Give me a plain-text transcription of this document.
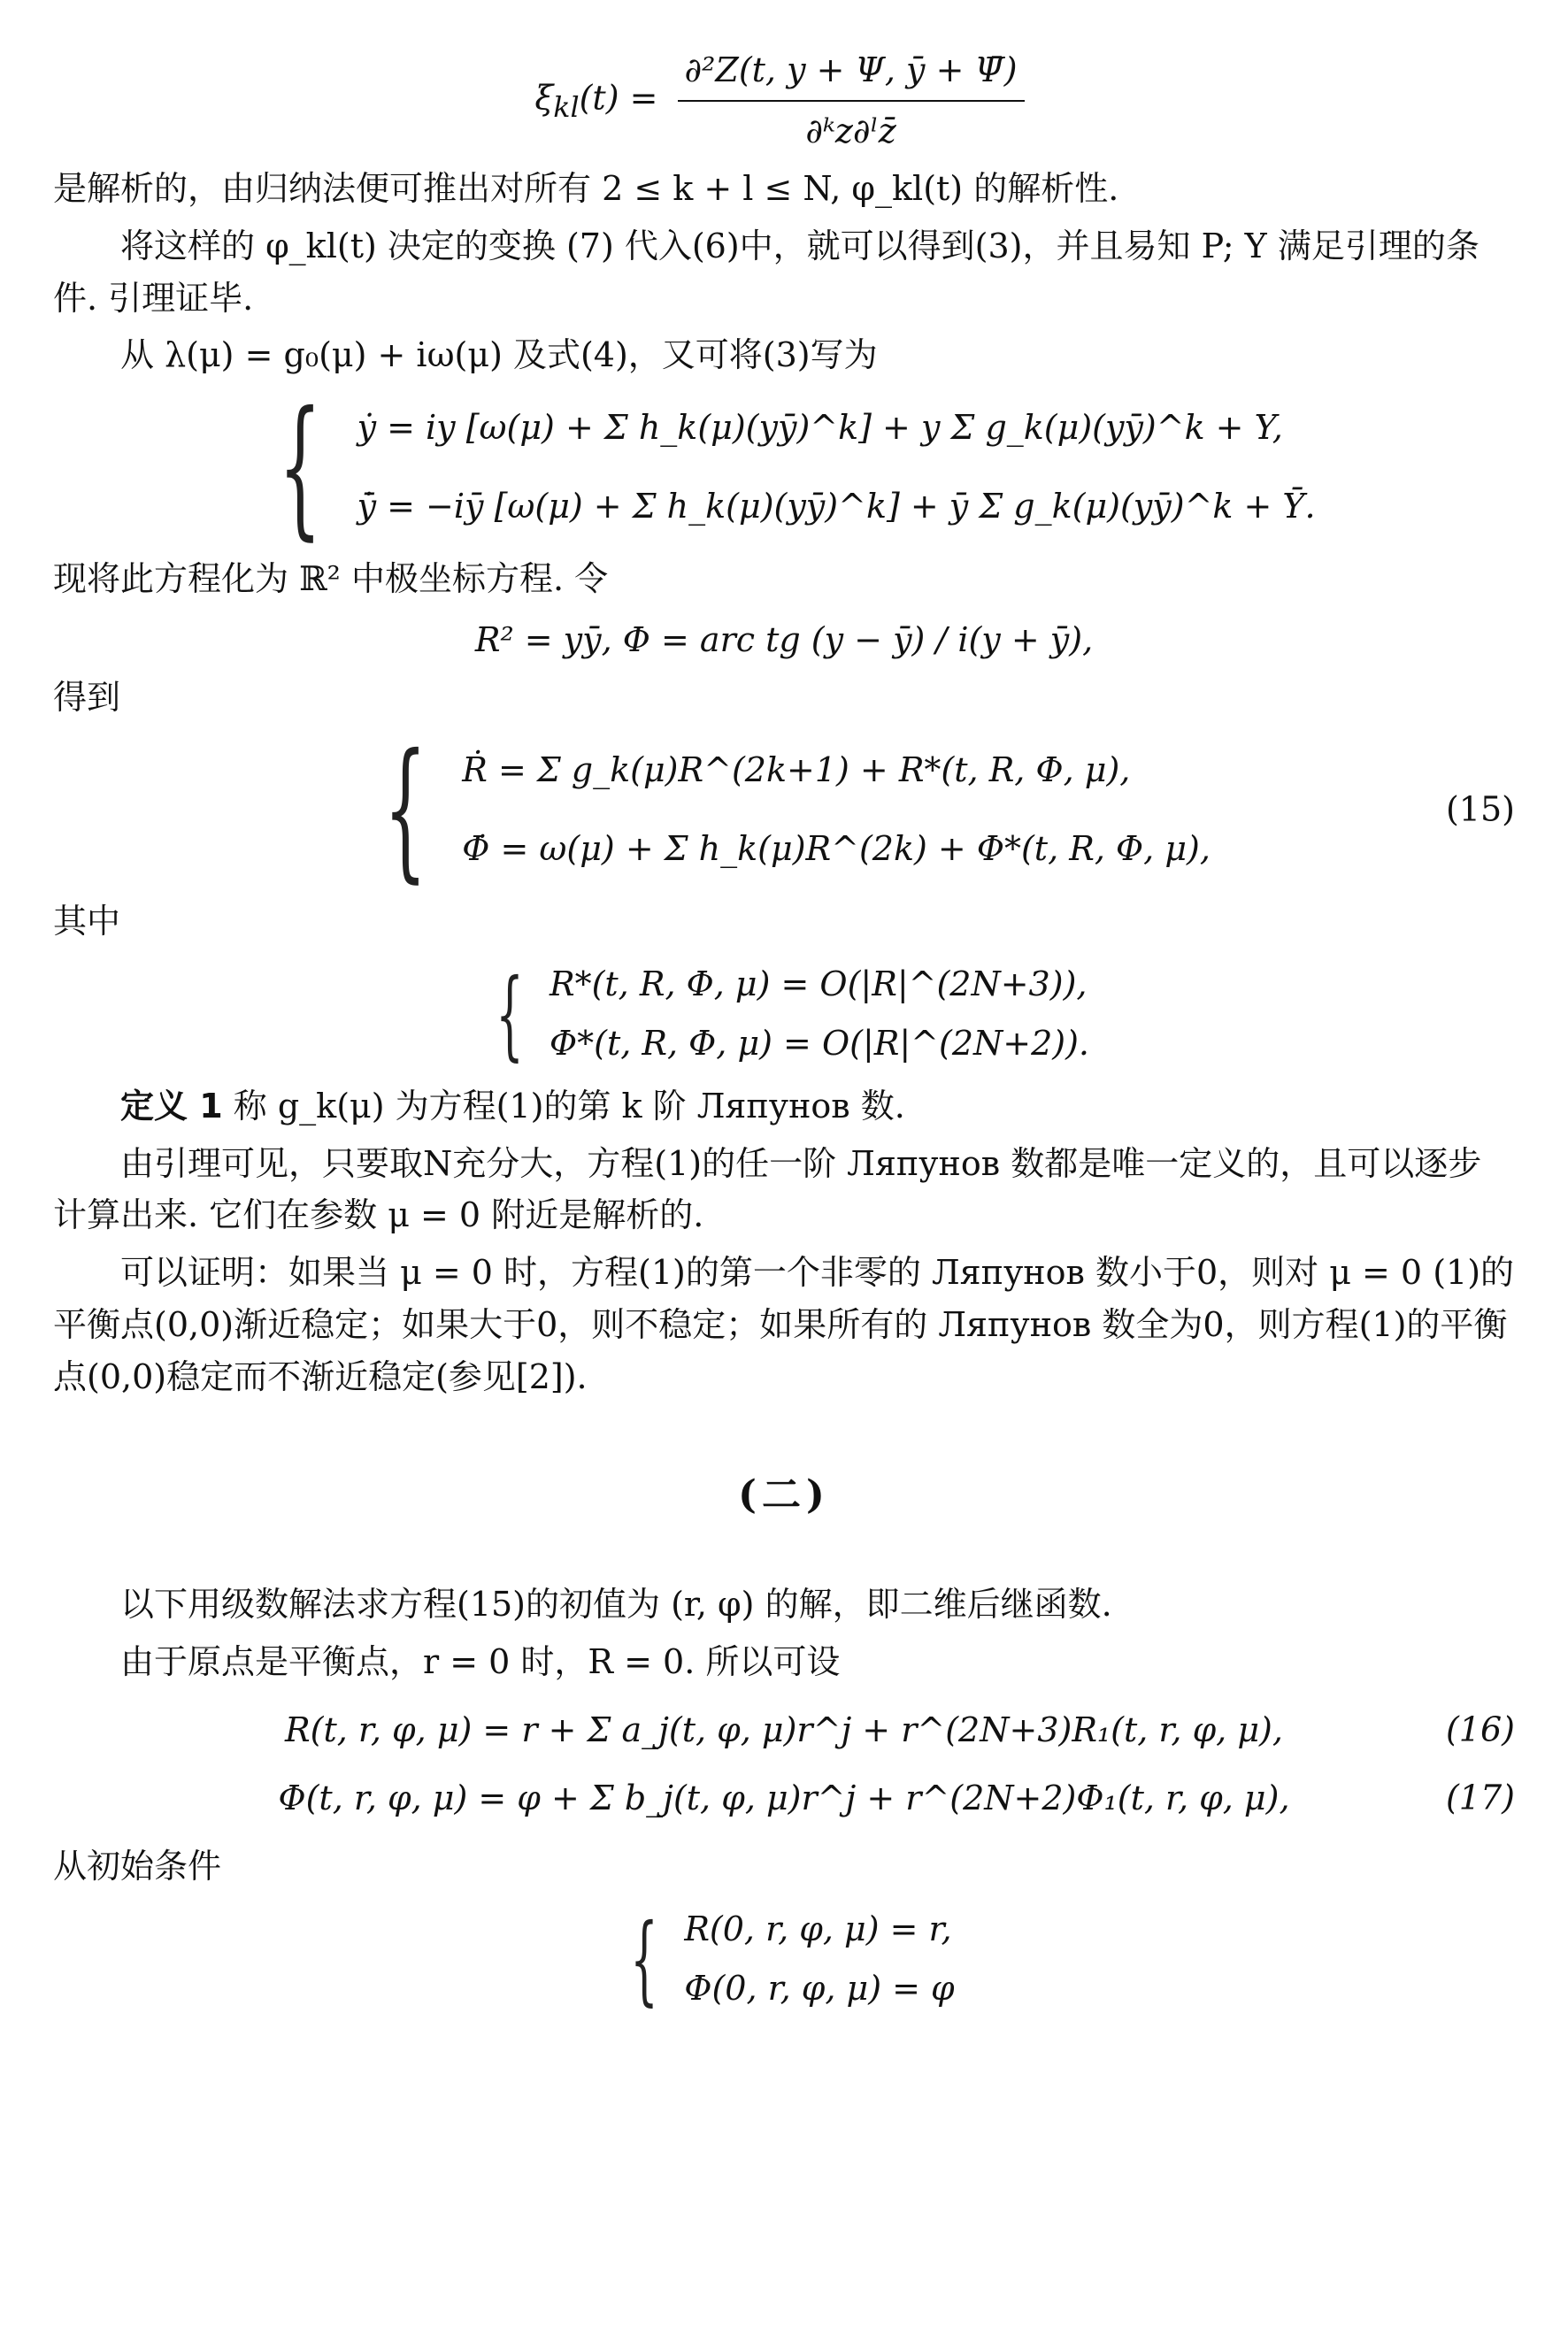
$\xi_{kl}(t) = \frac{\text{∂²Z(t, y + Ψ, ȳ + Ψ̄)}}{\text{∂ᵏz∂ˡz̄}}$
是解析的，由归纳法便可推出对所有 2 ≤ k + l ≤ N, φ_kl(t) 的解析性.
将这样的 φ_kl(t) 决定的变换 (7) 代入(6)中，就可以得到(3)，并且易知 P; Y 满足引理的条件. 引理证毕.
从 λ(μ) = g₀(μ) + iω(μ) 及式(4)，又可将(3)写为
{ ẏ = iy [ω(μ) + Σ h_k(μ)(yȳ)^k] + y Σ g_k(μ)(yȳ)^k + Y,
ȳ̇ = −iȳ [ω(μ) + Σ h_k(μ)(yȳ)^k] + ȳ Σ g_k(μ)(yȳ)^k + Ȳ.
现将此方程化为 ℝ² 中极坐标方程. 令
R² = yȳ, Φ = arc tg (y − ȳ) / i(y + ȳ),
得到
{ Ṙ = Σ g_k(μ)R^(2k+1) + R*(t, R, Φ, μ),
Φ̇ = ω(μ) + Σ h_k(μ)R^(2k) + Φ*(t, R, Φ, μ),
(15)
其中
{ R*(t, R, Φ, μ) = O(|R|^(2N+3)),
Φ*(t, R, Φ, μ) = O(|R|^(2N+2)).
定义 1 称 g_k(μ) 为方程(1)的第 k 阶 Ляпунов 数.
由引理可见，只要取N充分大，方程(1)的任一阶 Ляпунов 数都是唯一定义的，且可以逐步计算出来. 它们在参数 μ = 0 附近是解析的.
可以证明：如果当 μ = 0 时，方程(1)的第一个非零的 Ляпунов 数小于0，则对 μ = 0 (1)的平衡点(0,0)渐近稳定；如果大于0，则不稳定；如果所有的 Ляпунов 数全为0，则方程(1)的平衡点(0,0)稳定而不渐近稳定(参见[2]).
(二)
以下用级数解法求方程(15)的初值为 (r, φ) 的解，即二维后继函数.
由于原点是平衡点，r = 0 时，R = 0. 所以可设
R(t, r, φ, μ) = r + Σ a_j(t, φ, μ)r^j + r^(2N+3)R₁(t, r, φ, μ),	(16)
Φ(t, r, φ, μ) = φ + Σ b_j(t, φ, μ)r^j + r^(2N+2)Φ₁(t, r, φ, μ),	(17)
从初始条件
{ R(0, r, φ, μ) = r,
Φ(0, r, φ, μ) = φ
